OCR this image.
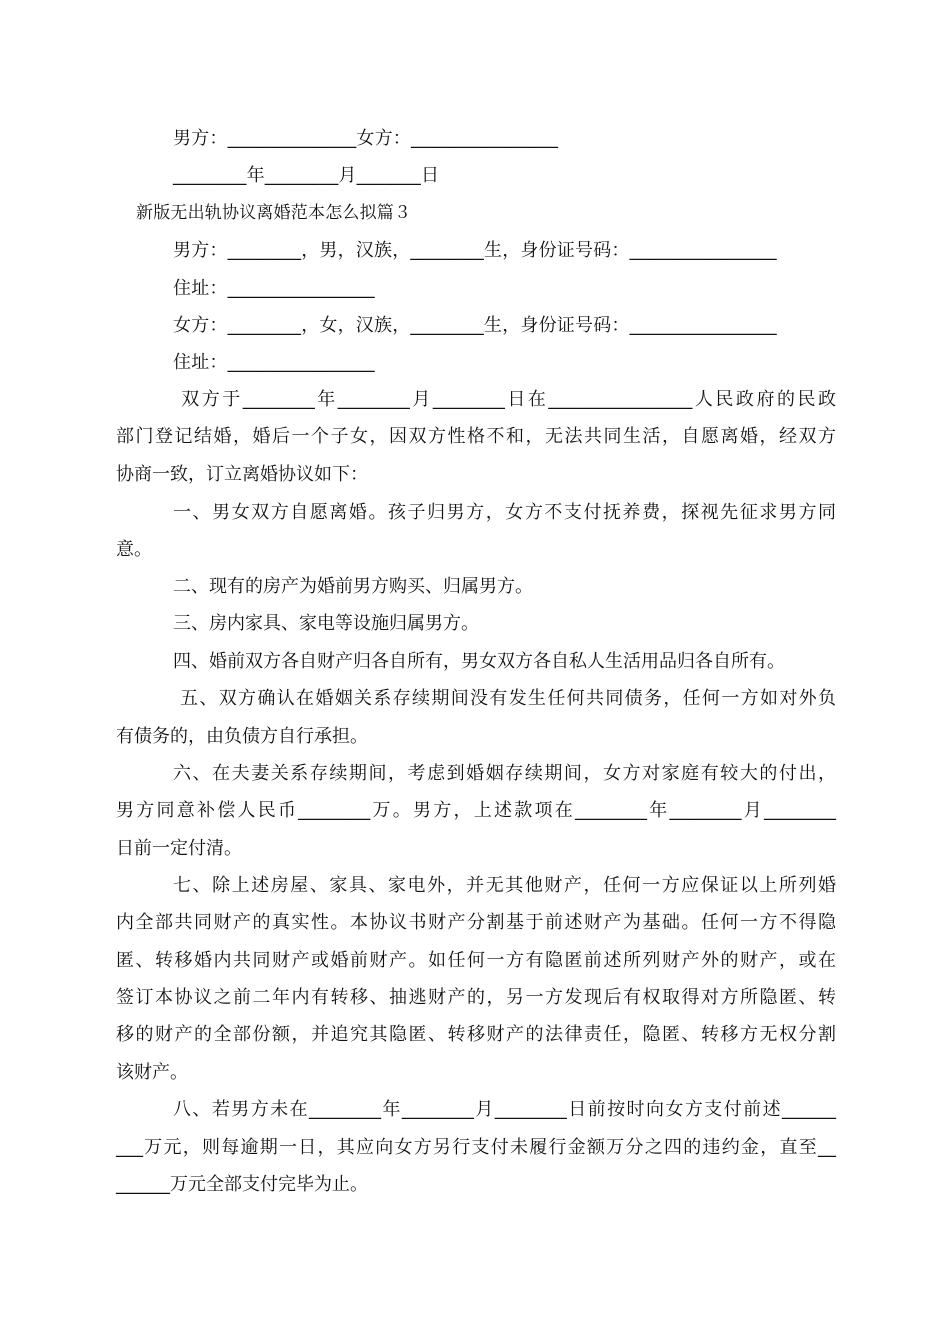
男方：______________女方：________________
________年________月_______日
新版无出轨协议离婚范本怎么拟篇３
男方：________，男，汉族，________生，身份证号码：________________
住址：________________
女方：________，女，汉族，________生，身份证号码：________________
住址：________________
双方于________年________月________日在________________人民政府的民政
部门登记结婚，婚后一个子女，因双方性格不和，无法共同生活，自愿离婚，经双方
协商一致，订立离婚协议如下：
一、男女双方自愿离婚。孩子归男方，女方不支付抚养费，探视先征求男方同
意。
二、现有的房产为婚前男方购买、归属男方。
三、房内家具、家电等设施归属男方。
四、婚前双方各自财产归各自所有，男女双方各自私人生活用品归各自所有。
五、双方确认在婚姻关系存续期间没有发生任何共同债务，任何一方如对外负
有债务的，由负债方自行承担。
六、在夫妻关系存续期间，考虑到婚姻存续期间，女方对家庭有较大的付出，
男方同意补偿人民币________万。男方，上述款项在________年________月________
日前一定付清。
七、除上述房屋、家具、家电外，并无其他财产，任何一方应保证以上所列婚
内全部共同财产的真实性。本协议书财产分割基于前述财产为基础。任何一方不得隐
匿、转移婚内共同财产或婚前财产。如任何一方有隐匿前述所列财产外的财产，或在
签订本协议之前二年内有转移、抽逃财产的，另一方发现后有权取得对方所隐匿、转
移的财产的全部份额，并追究其隐匿、转移财产的法律责任，隐匿、转移方无权分割
该财产。
八、若男方未在________年________月________日前按时向女方支付前述______
___万元，则每逾期一日，其应向女方另行支付未履行金额万分之四的违约金，直至__
______万元全部支付完毕为止。
